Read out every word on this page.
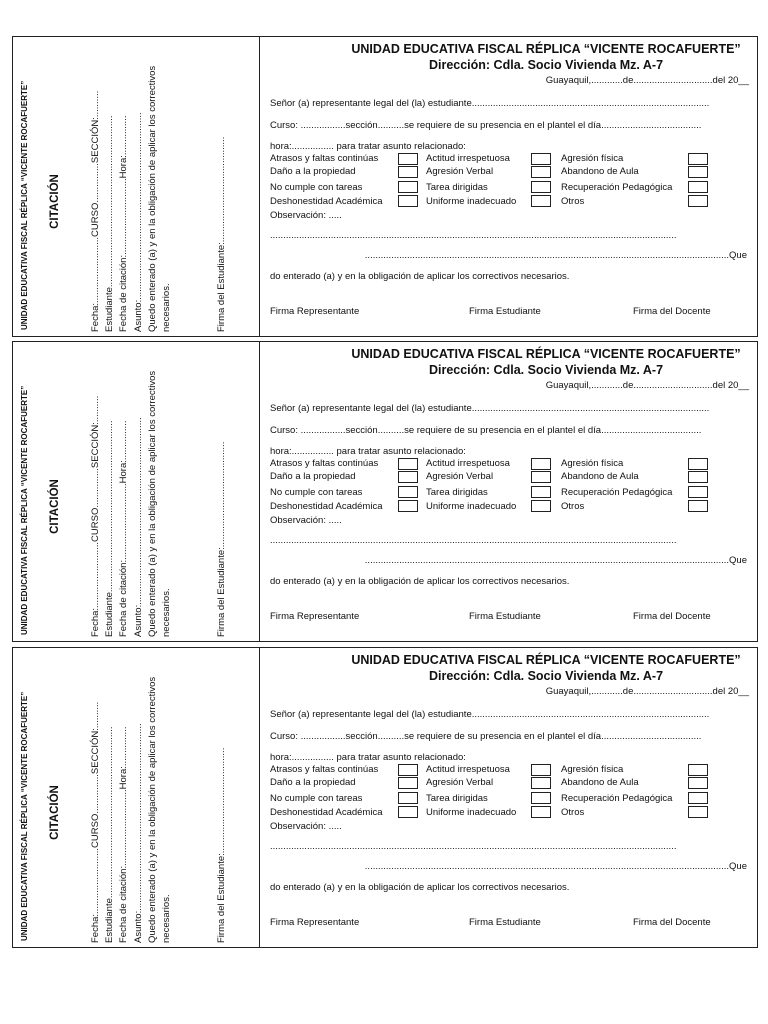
UNIDAD EDUCATIVA FISCAL RÉPLICA “VICENTE ROCAFUERTE” CITACIÓN	Fecha:.........................CURSO...............SECCIÓN:.......... Estudiante................................................................. Fecha de citación:.............................Hora:............... Asunto:....................................................................... Quedo enterado (a) y en la obligación de aplicar los correctivos necesarios.	Firma del Estudiante:........................................
UNIDAD EDUCATIVA FISCAL RÉPLICA “VICENTE ROCAFUERTE”
Dirección: Cdla. Socio Vivienda Mz. A-7
Guayaquil,............de..............................del 20__
Señor (a) representante legal del (la) estudiante..........................................................................................
Curso: .................sección..........se requiere de su presencia en el plantel el día......................................
hora:................ para tratar asunto relacionado:
Atrasos y faltas continúas	Actitud irrespetuosa	Agresión física
Daño a la propiedad	Agresión Verbal	Abandono de Aula
No cumple con tareas	Tarea dirigidas	Recuperación Pedagógica
Deshonestidad Académica	Uniforme inadecuado	Otros
Observación: .....
..........................................................................................................................................................
..........................................................................................................................................Que
do enterado (a) y en la obligación de aplicar los correctivos necesarios.
Firma Representante	Firma Estudiante	Firma del Docente
UNIDAD EDUCATIVA FISCAL RÉPLICA “VICENTE ROCAFUERTE” CITACIÓN	Fecha:.........................CURSO...............SECCIÓN:.......... Estudiante................................................................. Fecha de citación:.............................Hora:............... Asunto:....................................................................... Quedo enterado (a) y en la obligación de aplicar los correctivos necesarios.	Firma del Estudiante:........................................
UNIDAD EDUCATIVA FISCAL RÉPLICA “VICENTE ROCAFUERTE”
Dirección: Cdla. Socio Vivienda Mz. A-7
Guayaquil,............de..............................del 20__
Señor (a) representante legal del (la) estudiante..........................................................................................
Curso: .................sección..........se requiere de su presencia en el plantel el día......................................
hora:................ para tratar asunto relacionado:
Atrasos y faltas continúas	Actitud irrespetuosa	Agresión física
Daño a la propiedad	Agresión Verbal	Abandono de Aula
No cumple con tareas	Tarea dirigidas	Recuperación Pedagógica
Deshonestidad Académica	Uniforme inadecuado	Otros
Observación: .....
..........................................................................................................................................................
..........................................................................................................................................Que
do enterado (a) y en la obligación de aplicar los correctivos necesarios.
Firma Representante	Firma Estudiante	Firma del Docente
UNIDAD EDUCATIVA FISCAL RÉPLICA “VICENTE ROCAFUERTE” CITACIÓN	Fecha:.........................CURSO...............SECCIÓN:.......... Estudiante................................................................. Fecha de citación:.............................Hora:............... Asunto:....................................................................... Quedo enterado (a) y en la obligación de aplicar los correctivos necesarios.	Firma del Estudiante:........................................
UNIDAD EDUCATIVA FISCAL RÉPLICA “VICENTE ROCAFUERTE”
Dirección: Cdla. Socio Vivienda Mz. A-7
Guayaquil,............de..............................del 20__
Señor (a) representante legal del (la) estudiante..........................................................................................
Curso: .................sección..........se requiere de su presencia en el plantel el día......................................
hora:................ para tratar asunto relacionado:
Atrasos y faltas continúas	Actitud irrespetuosa	Agresión física
Daño a la propiedad	Agresión Verbal	Abandono de Aula
No cumple con tareas	Tarea dirigidas	Recuperación Pedagógica
Deshonestidad Académica	Uniforme inadecuado	Otros
Observación: .....
..........................................................................................................................................................
..........................................................................................................................................Que
do enterado (a) y en la obligación de aplicar los correctivos necesarios.
Firma Representante	Firma Estudiante	Firma del Docente
